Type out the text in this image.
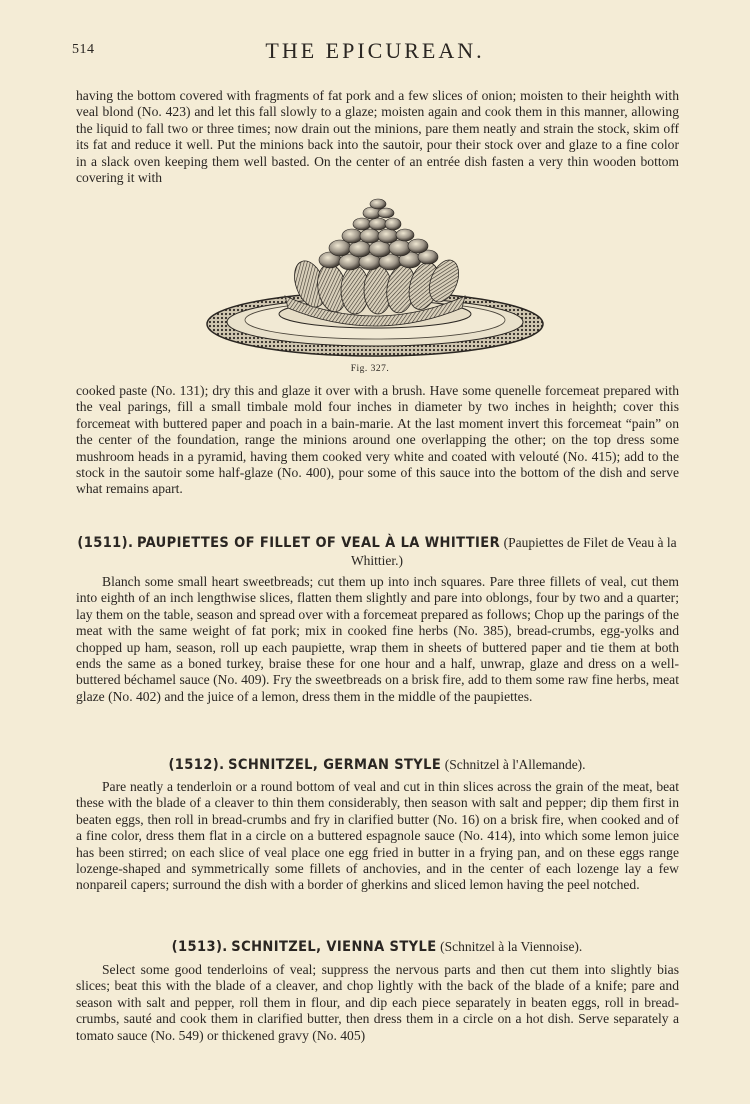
514	THE EPICUREAN.

having the bottom covered with fragments of fat pork and a few slices of onion; moisten to their heighth with veal blond (No. 423) and let this fall slowly to a glaze; moisten again and cook them in this manner, allowing the liquid to fall two or three times; now drain out the minions, pare them neatly and strain the stock, skim off its fat and reduce it well. Put the minions back into the sautoir, pour their stock over and glaze to a fine color in a slack oven keeping them well basted. On the center of an entrée dish fasten a very thin wooden bottom covering it with

Fig. 327.

cooked paste (No. 131); dry this and glaze it over with a brush. Have some quenelle forcemeat prepared with the veal parings, fill a small timbale mold four inches in diameter by two inches in heighth; cover this forcemeat with buttered paper and poach in a bain-marie. At the last moment invert this forcemeat “pain” on the center of the foundation, range the minions around one overlapping the other; on the top dress some mushroom heads in a pyramid, having them cooked very white and coated with velouté (No. 415); add to the stock in the sautoir some half-glaze (No. 400), pour some of this sauce into the bottom of the dish and serve what remains apart.

(1511). PAUPIETTES OF FILLET OF VEAL À LA WHITTIER (Paupiettes de Filet de Veau à la Whittier.)

Blanch some small heart sweetbreads; cut them up into inch squares. Pare three fillets of veal, cut them into eighth of an inch lengthwise slices, flatten them slightly and pare into oblongs, four by two and a quarter; lay them on the table, season and spread over with a forcemeat prepared as follows; Chop up the parings of the meat with the same weight of fat pork; mix in cooked fine herbs (No. 385), bread-crumbs, egg-yolks and chopped up ham, season, roll up each paupiette, wrap them in sheets of buttered paper and tie them at both ends the same as a boned turkey, braise these for one hour and a half, unwrap, glaze and dress on a well-buttered béchamel sauce (No. 409). Fry the sweetbreads on a brisk fire, add to them some raw fine herbs, meat glaze (No. 402) and the juice of a lemon, dress them in the middle of the paupiettes.

(1512). SCHNITZEL, GERMAN STYLE (Schnitzel à l'Allemande).

Pare neatly a tenderloin or a round bottom of veal and cut in thin slices across the grain of the meat, beat these with the blade of a cleaver to thin them considerably, then season with salt and pepper; dip them first in beaten eggs, then roll in bread-crumbs and fry in clarified butter (No. 16) on a brisk fire, when cooked and of a fine color, dress them flat in a circle on a buttered espagnole sauce (No. 414), into which some lemon juice has been stirred; on each slice of veal place one egg fried in butter in a frying pan, and on these eggs range lozenge-shaped and symmetrically some fillets of anchovies, and in the center of each lozenge lay a few nonpareil capers; surround the dish with a border of gherkins and sliced lemon having the peel notched.

(1513). SCHNITZEL, VIENNA STYLE (Schnitzel à la Viennoise).

Select some good tenderloins of veal; suppress the nervous parts and then cut them into slightly bias slices; beat this with the blade of a cleaver, and chop lightly with the back of the blade of a knife; pare and season with salt and pepper, roll them in flour, and dip each piece separately in beaten eggs, roll in bread-crumbs, sauté and cook them in clarified butter, then dress them in a circle on a hot dish. Serve separately a tomato sauce (No. 549) or thickened gravy (No. 405)
